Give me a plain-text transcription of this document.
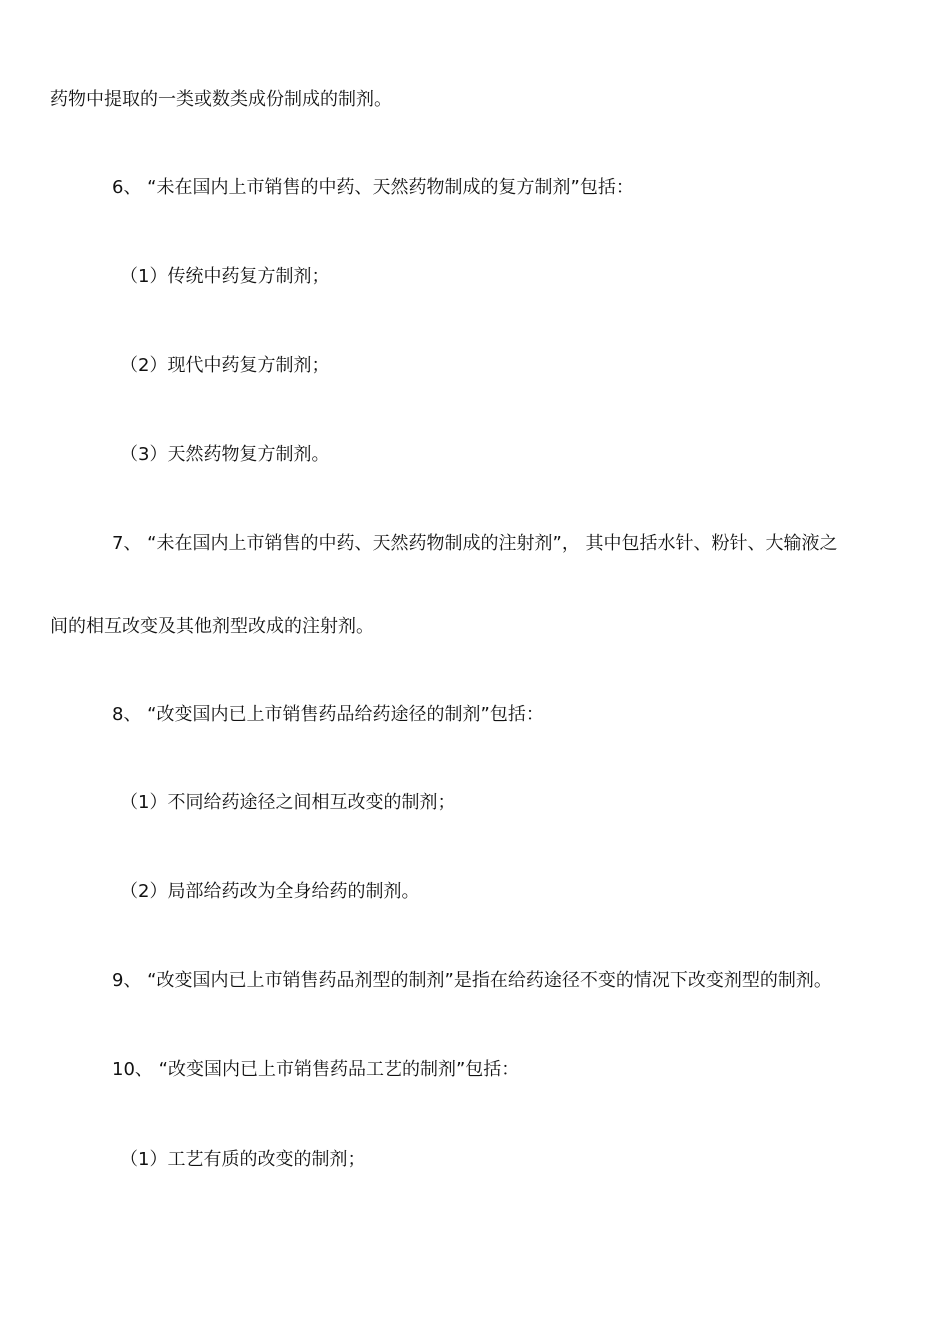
药物中提取的一类或数类成份制成的制剂。
6、 “未在国内上市销售的中药、天然药物制成的复方制剂”包括：
（1）传统中药复方制剂；
（2）现代中药复方制剂；
（3）天然药物复方制剂。
7、 “未在国内上市销售的中药、天然药物制成的注射剂”， 其中包括水针、粉针、大输液之
间的相互改变及其他剂型改成的注射剂。
8、 “改变国内已上市销售药品给药途径的制剂”包括：
（1）不同给药途径之间相互改变的制剂；
（2）局部给药改为全身给药的制剂。
9、 “改变国内已上市销售药品剂型的制剂”是指在给药途径不变的情况下改变剂型的制剂。
10、 “改变国内已上市销售药品工艺的制剂”包括：
（1）工艺有质的改变的制剂；
